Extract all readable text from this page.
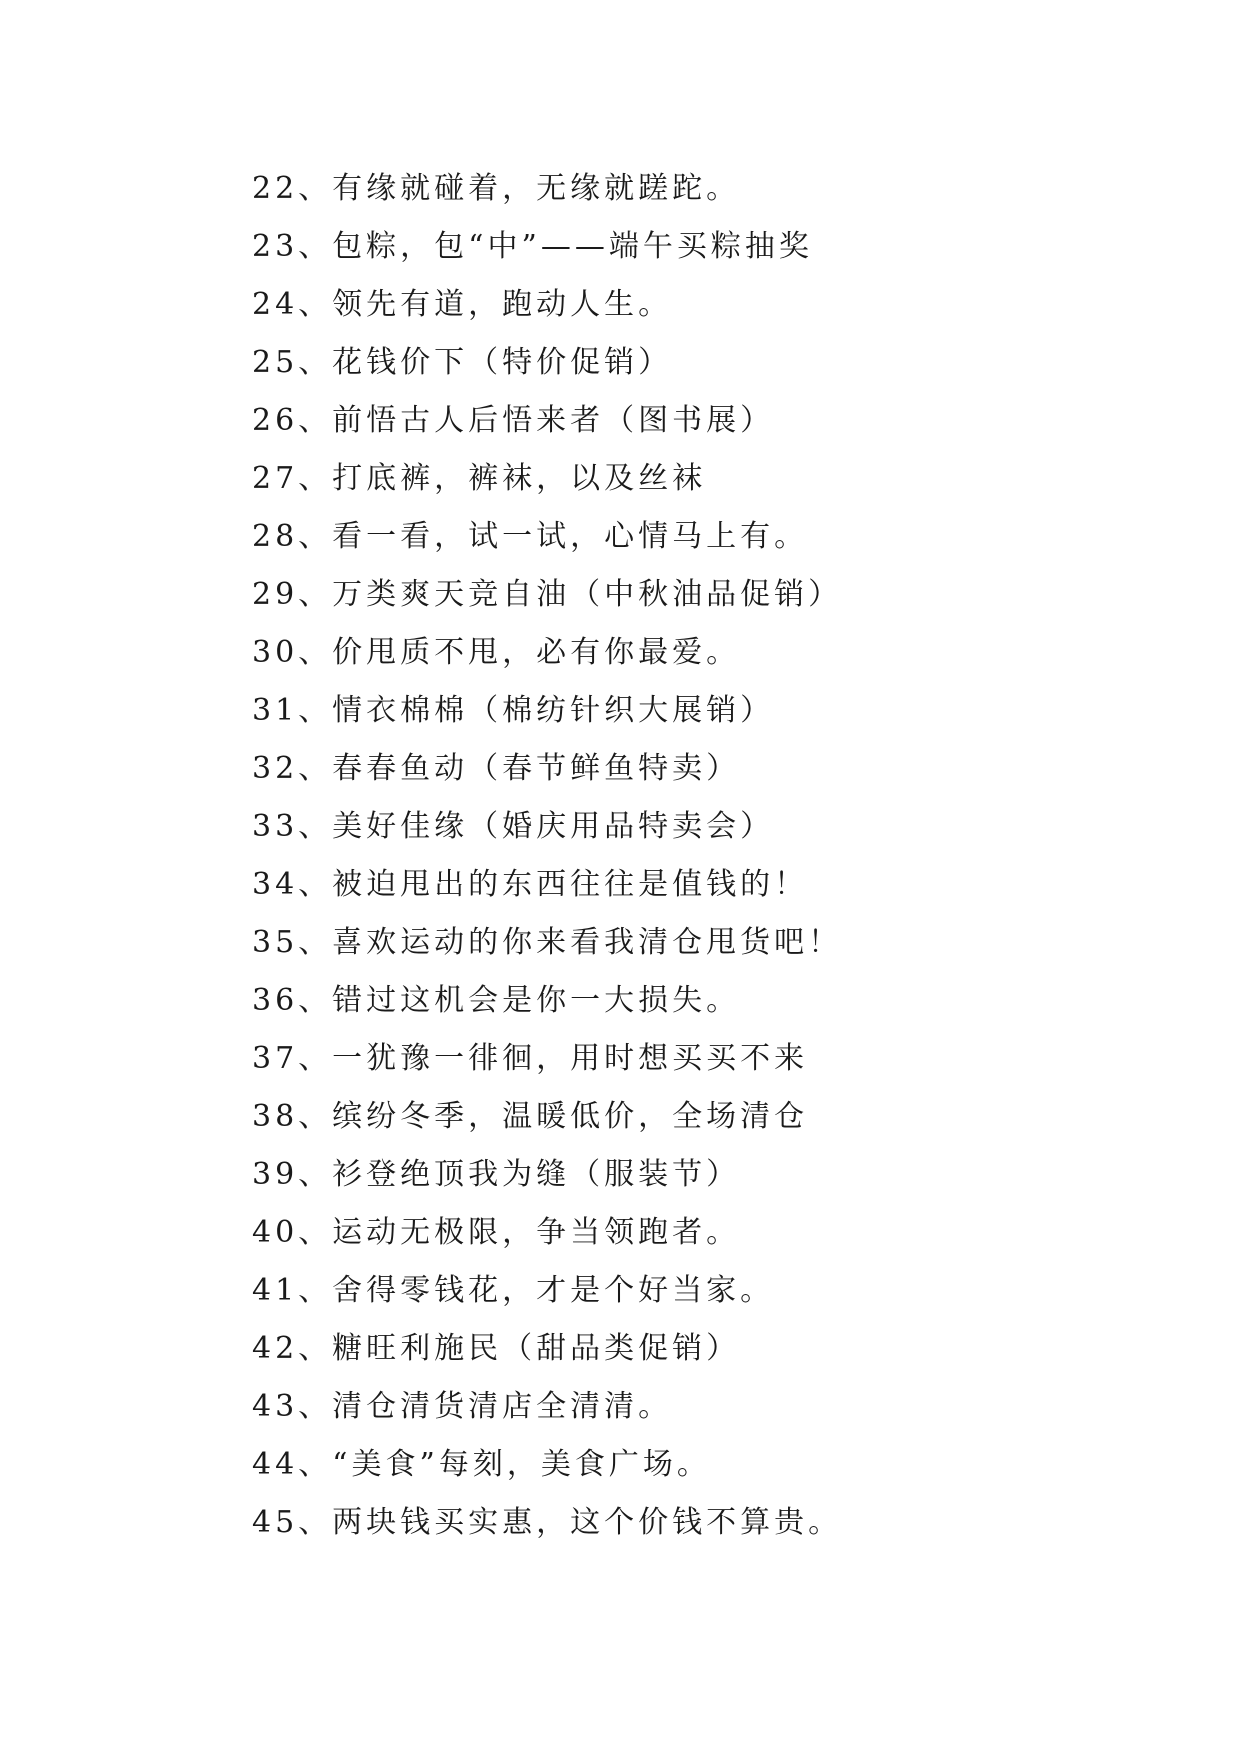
22、有缘就碰着，无缘就蹉跎。
23、包粽，包“中”——端午买粽抽奖
24、领先有道，跑动人生。
25、花钱价下（特价促销）
26、前悟古人后悟来者（图书展）
27、打底裤，裤袜，以及丝袜
28、看一看，试一试，心情马上有。
29、万类爽天竞自油（中秋油品促销）
30、价甩质不甩，必有你最爱。
31、情衣棉棉（棉纺针织大展销）
32、春春鱼动（春节鲜鱼特卖）
33、美好佳缘（婚庆用品特卖会）
34、被迫甩出的东西往往是值钱的！
35、喜欢运动的你来看我清仓甩货吧！
36、错过这机会是你一大损失。
37、一犹豫一徘徊，用时想买买不来
38、缤纷冬季，温暖低价，全场清仓
39、衫登绝顶我为缝（服装节）
40、运动无极限，争当领跑者。
41、舍得零钱花，才是个好当家。
42、糖旺利施民（甜品类促销）
43、清仓清货清店全清清。
44、“美食”每刻，美食广场。
45、两块钱买实惠，这个价钱不算贵。
